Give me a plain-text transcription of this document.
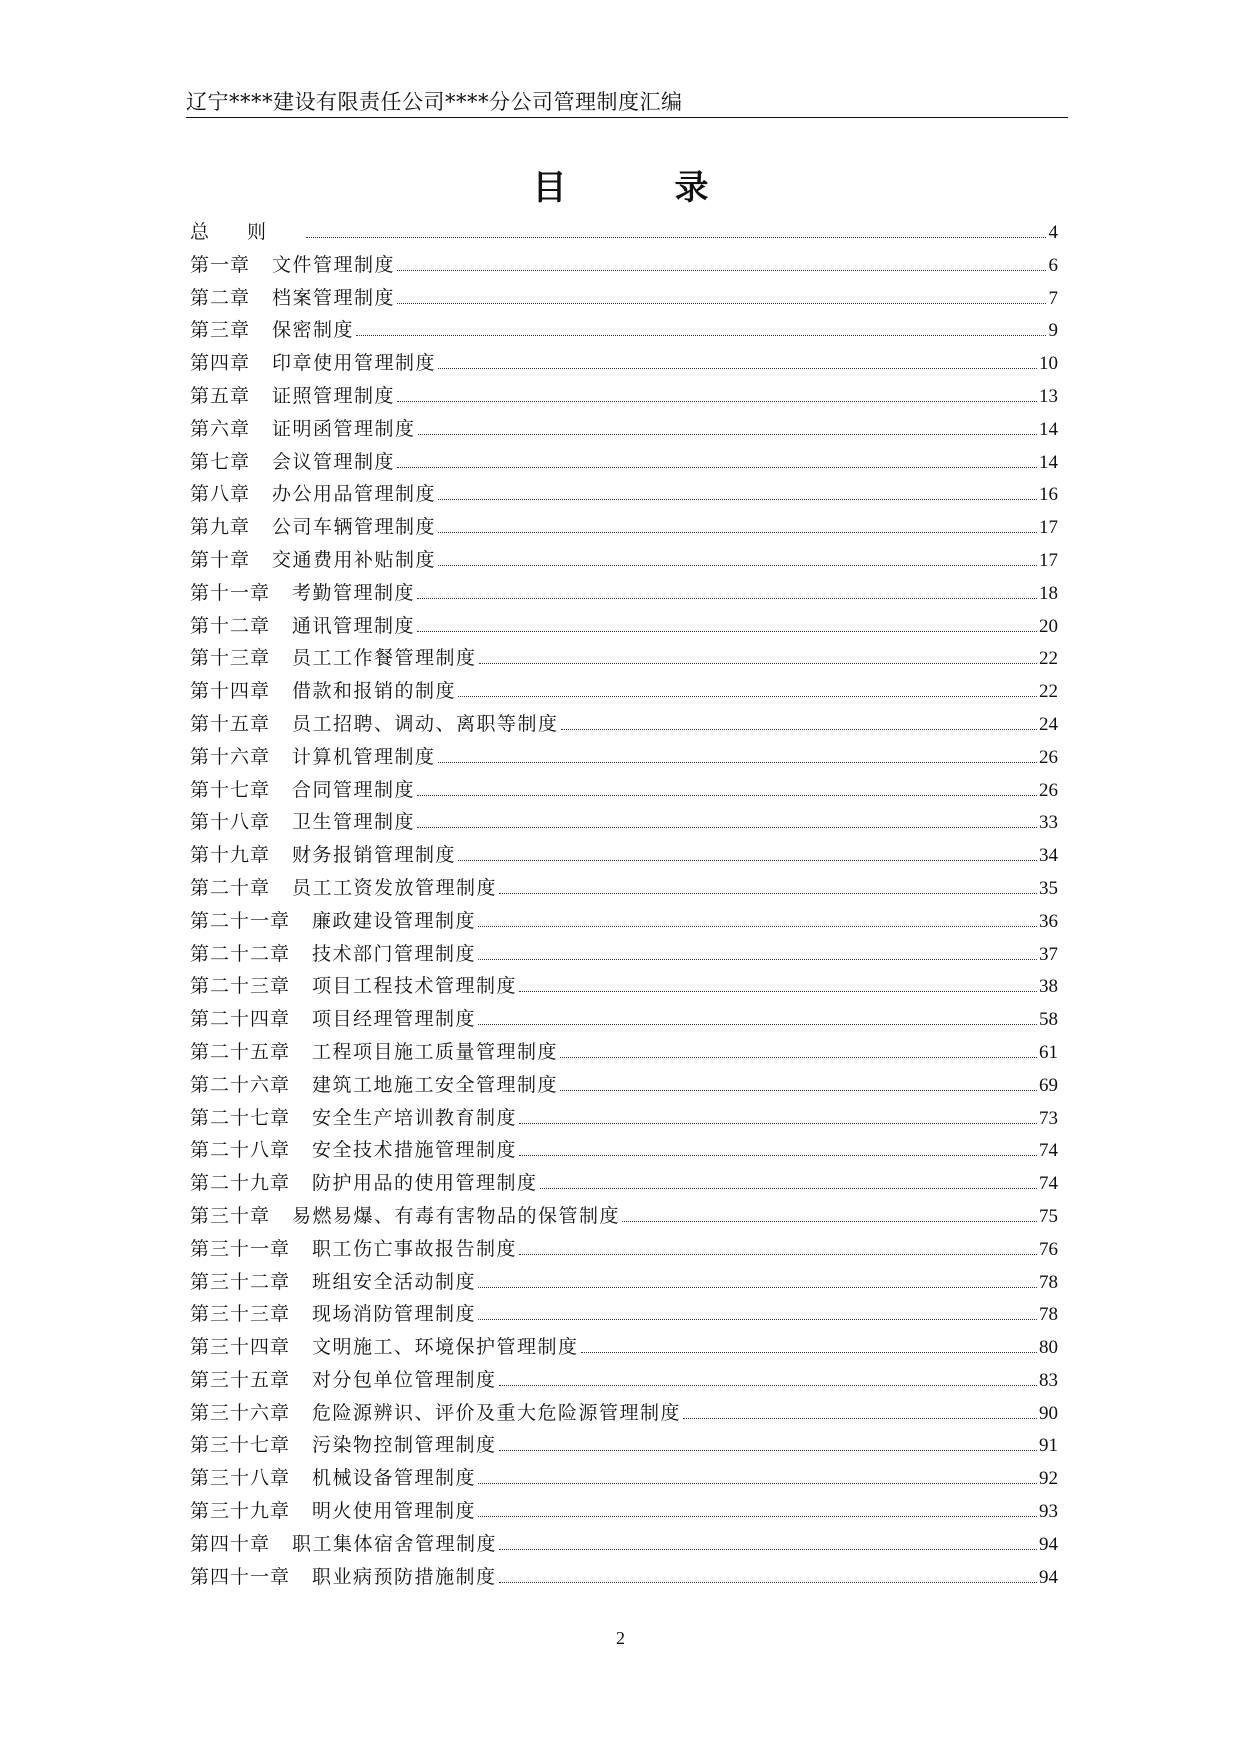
辽宁****建设有限责任公司****分公司管理制度汇编
目录
总则	4
第一章 文件管理制度	6
第二章 档案管理制度	7
第三章 保密制度	9
第四章 印章使用管理制度	10
第五章 证照管理制度	13
第六章 证明函管理制度	14
第七章 会议管理制度	14
第八章 办公用品管理制度	16
第九章 公司车辆管理制度	17
第十章 交通费用补贴制度	17
第十一章 考勤管理制度	18
第十二章 通讯管理制度	20
第十三章 员工工作餐管理制度	22
第十四章 借款和报销的制度	22
第十五章 员工招聘、调动、离职等制度	24
第十六章 计算机管理制度	26
第十七章 合同管理制度	26
第十八章 卫生管理制度	33
第十九章 财务报销管理制度	34
第二十章 员工工资发放管理制度	35
第二十一章 廉政建设管理制度	36
第二十二章 技术部门管理制度	37
第二十三章 项目工程技术管理制度	38
第二十四章 项目经理管理制度	58
第二十五章 工程项目施工质量管理制度	61
第二十六章 建筑工地施工安全管理制度	69
第二十七章 安全生产培训教育制度	73
第二十八章 安全技术措施管理制度	74
第二十九章 防护用品的使用管理制度	74
第三十章 易燃易爆、有毒有害物品的保管制度	75
第三十一章 职工伤亡事故报告制度	76
第三十二章 班组安全活动制度	78
第三十三章 现场消防管理制度	78
第三十四章 文明施工、环境保护管理制度	80
第三十五章 对分包单位管理制度	83
第三十六章 危险源辨识、评价及重大危险源管理制度	90
第三十七章 污染物控制管理制度	91
第三十八章 机械设备管理制度	92
第三十九章 明火使用管理制度	93
第四十章 职工集体宿舍管理制度	94
第四十一章 职业病预防措施制度	94
2
